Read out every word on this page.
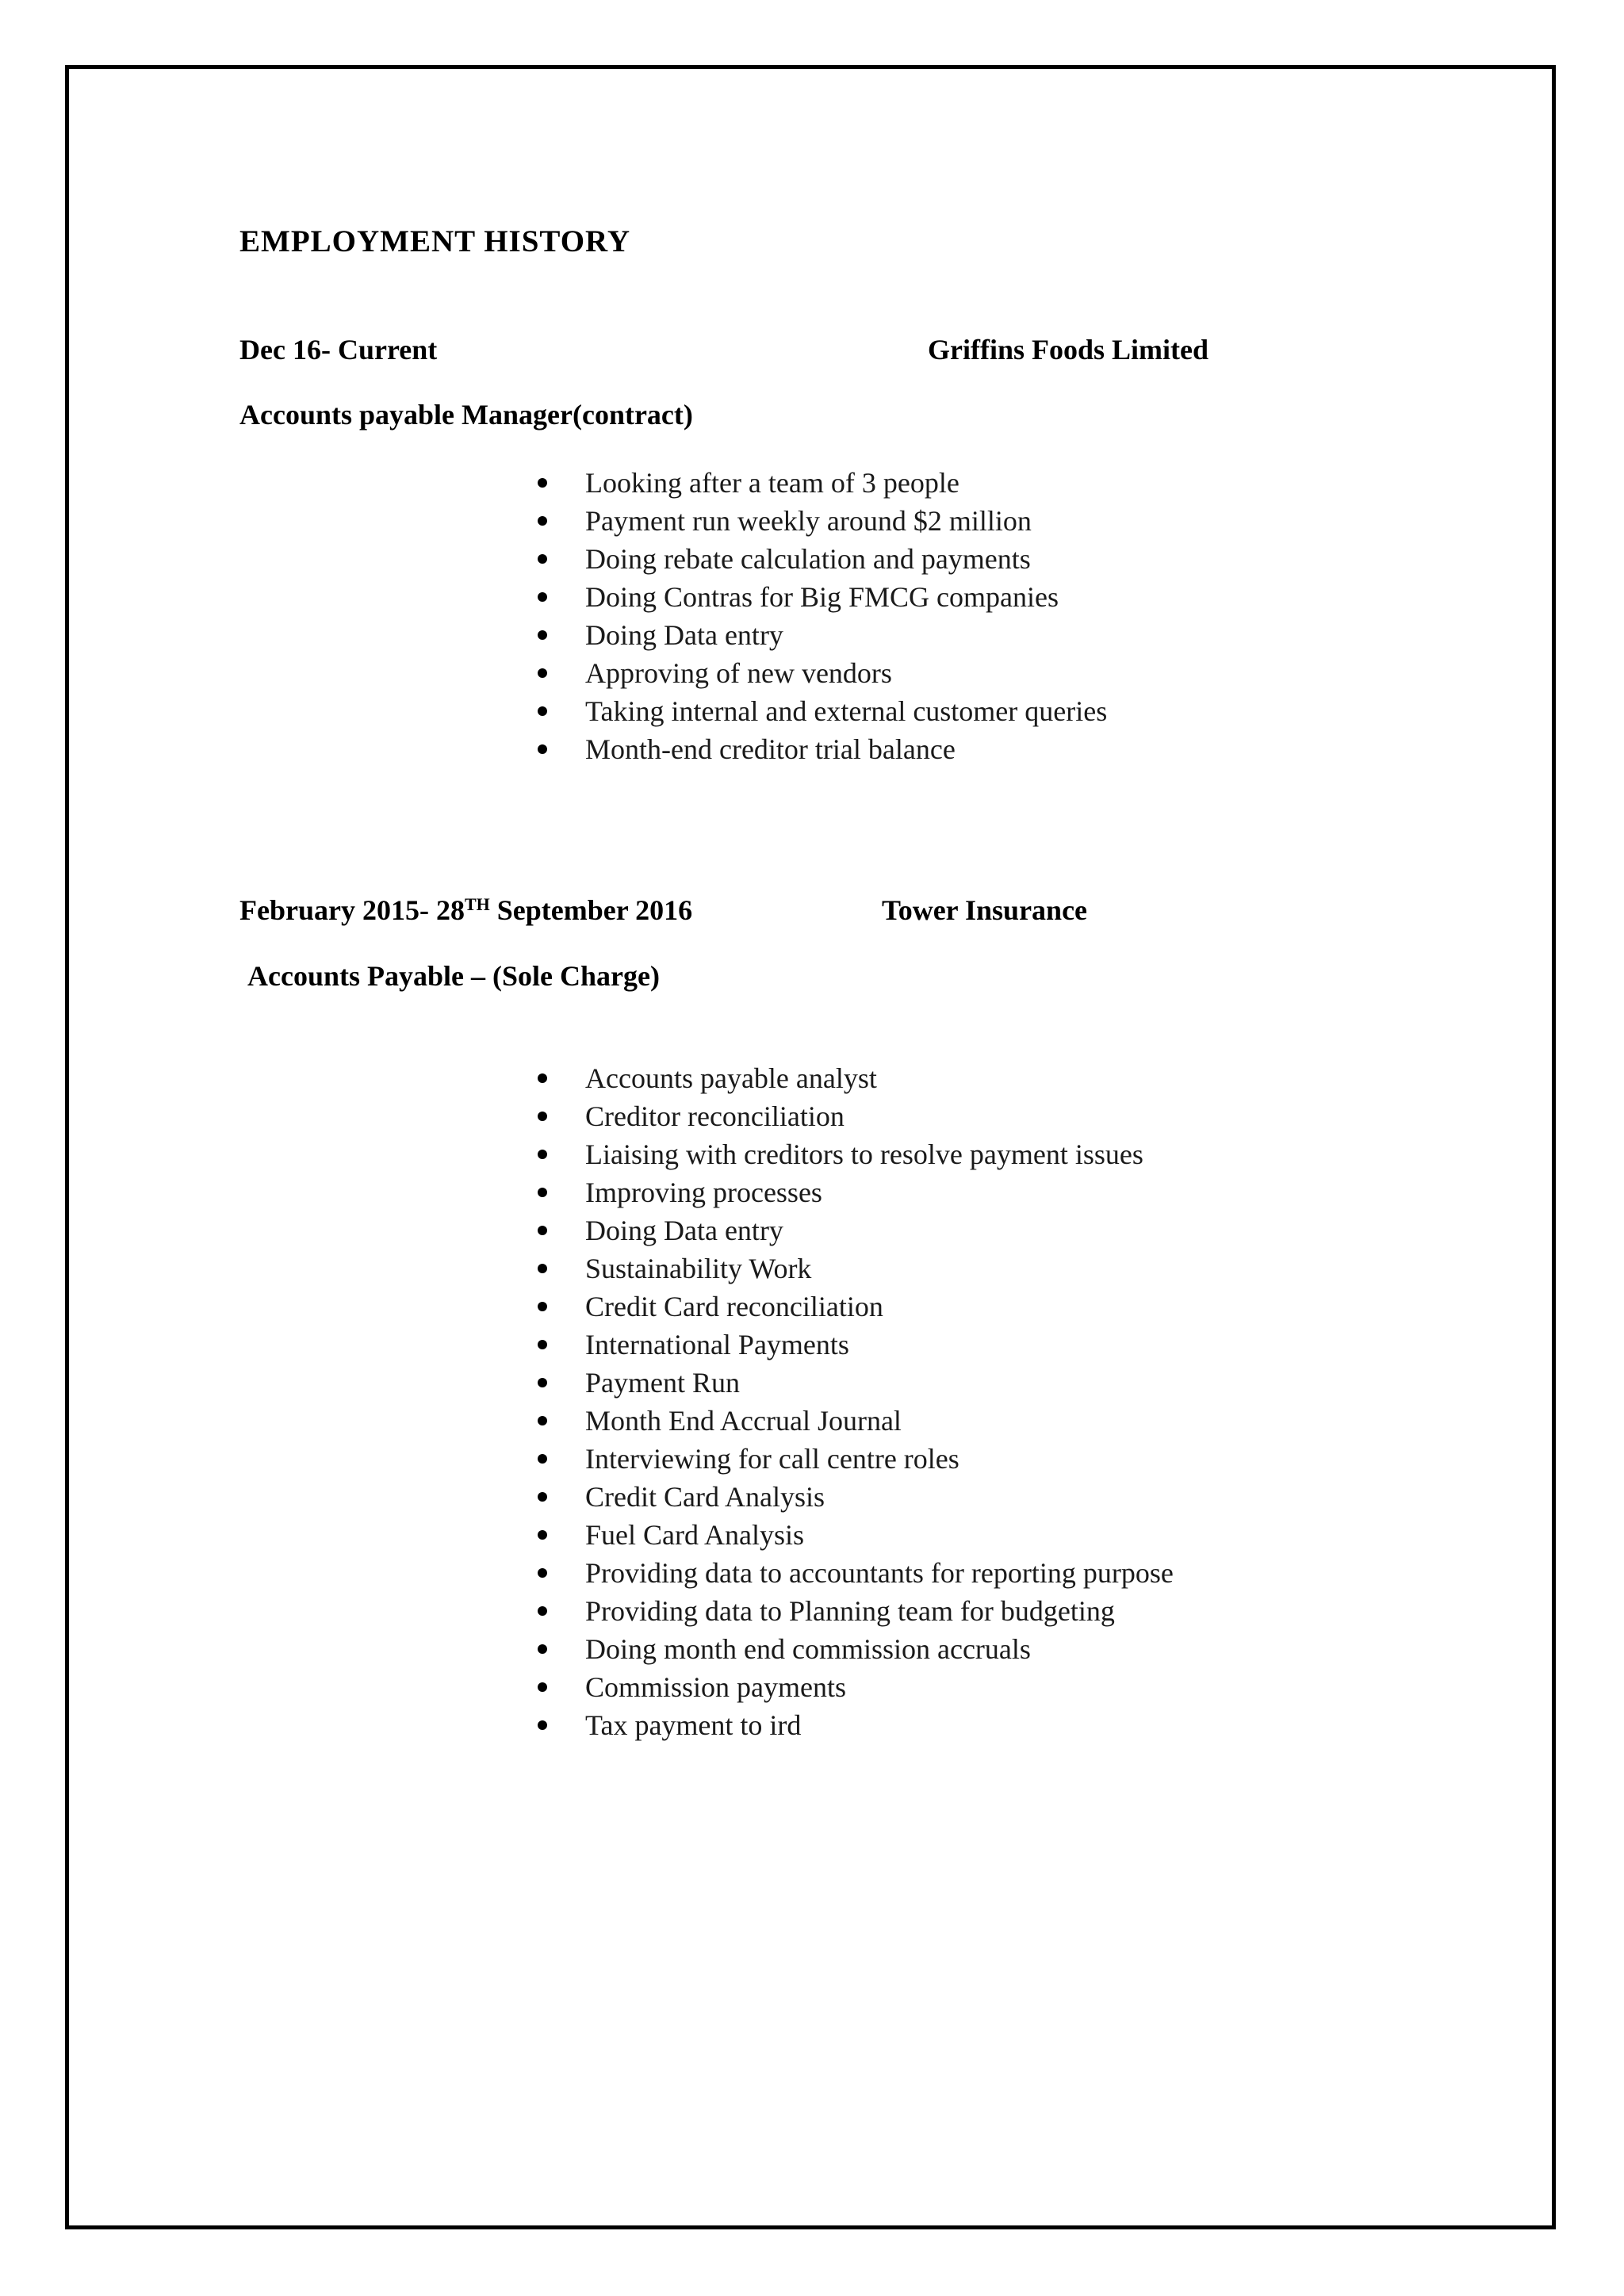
EMPLOYMENT HISTORY
Dec 16- Current	Griffins Foods Limited
Accounts payable Manager(contract)
Looking after a team of 3 people
Payment run weekly around $2 million
Doing rebate calculation and payments
Doing Contras for Big FMCG companies
Doing Data entry
Approving of new vendors
Taking internal and external customer queries
Month-end creditor trial balance
February 2015- 28TH September 2016	Tower Insurance
Accounts Payable – (Sole Charge)
Accounts payable analyst
Creditor reconciliation
Liaising with creditors to resolve payment issues
Improving processes
Doing Data entry
Sustainability Work
Credit Card reconciliation
International Payments
Payment Run
Month End Accrual Journal
Interviewing for call centre roles
Credit Card Analysis
Fuel Card Analysis
Providing data to accountants for reporting purpose
Providing data to Planning team for budgeting
Doing month end commission accruals
Commission payments
Tax payment to ird
